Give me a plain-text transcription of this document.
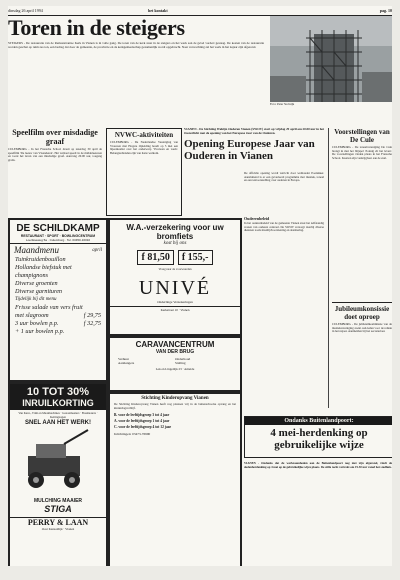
dinsdag 26 april 1994	het kontakt	pag. 10
Toren in de steigers
STEIGERS - De restauratie van de Remonstrantse Kerk in Vianen is in volle gang. De toren van de kerk staat in de steigers en het werk aan de gevel vordert gestaag. De kosten van de restauratie worden geschat op ruim zes ton, een bedrag dat door de gemeente, de provincie en de kerkgemeenschap gezamenlijk wordt opgebracht. Naar verwachting zal het werk in het najaar zijn afgerond.
Foto: Peter Stolwijk
Speelfilm over misdadige graaf
CULEMBORG - In het Fransche School draait op zaterdag 30 april de speelfilm 'De leeuw van Vlaanderen'. Het verhaal speelt in de middeleeuwen en toont het leven van een misdadige graaf. Aanvang 20.00 uur, toegang gratis.
NVWC-aktiviteiten
CULEMBORG - De Nederlandse Vereniging van Vrouwen met Hogere Opleiding houdt op 5 mei een bijeenkomst over het onderwerp 'Vrouwen en werk'. Belangstellenden zijn van harte welkom.
DE SCHILDKAMP
RESTAURANT · SPORT · BOWLINGCENTRUM
Loerikseweg 5a · Culemborg · Tel. 03450-16010
Maandmenu	april
Tuinkruidenbouillon
Hollandse biefstuk met champignons
Diverse groenten
Diverse garnituren
Tijdelijk bij dit menu
Frisse salade van vers fruit
met slagroom	f 29,75
3 uur bowlen p.p.	f 32,75
+ 1 uur bowlen p.p.
10 TOT 30%
INRUILKORTING
Van Kant-, Trim en Maaimachines · Gazonmaaiers · Bosmaaiers · Kettingzagen
SNEL AAN HET WERK!
MULCHING MAAIER
STIGA
PERRY & LAAN
Oost Kanaaldijk · Vianen
W.A.-verzekering voor uw bromfiets
kost bij ons
f 81,50	f 155,-
Vraag naar de voorwaarden
UNIVÉ
Onderlinge Verzekeringen
Kerkstraat 10 · Vianen
CARAVANCENTRUM
VAN DER BRUG
Verhuur	Onderhoud
Aanhangers	Stalling
Lek en Lingedijk 23 · Ameide
Stichting Kinderopvang Vianen
De Stichting Kinderopvang Vianen heeft nog plaatsen vrij in de buitenschoolse opvang en het kinderdagverblijf.
B. voor de leeftijdsgroep 3 tot 4 jaar
A. voor de leeftijdsgroep 1 tot 4 jaar
C. voor de leeftijdsgroep 4 tot 12 jaar
Inlichtingen: 03473-76990
VIANEN - De Stichting Welzijn Ouderen Vianen (SWOV) start op vrijdag 29 april om 20.00 uur in het Oosterlicht met de opening van het Europese Jaar van de Ouderen.
Opening Europese Jaar van Ouderen in Vianen
De officiële opening wordt verricht door wethouder Poelakker. Aansluitend is er een gevarieerd programma met muziek, toneel en een tentoonstelling over ouderen in Europa.
Ouderenbeleid
In het ouderenbeleid van de gemeente Vianen staat het zelfstandig wonen van ouderen centraal. De SWOV verzorgt daarbij diverse diensten zoals maaltijdvoorziening en alarmering.
Voorstellingen van De Cule
CULEMBORG - De toneelvereniging De Cule brengt in mei het blijspel 'Zonnig zit het leven'. De voorstellingen vinden plaats in het Fransche School. Kaarten zijn verkrijgbaar aan de zaal.
Jubileumkonsissie doet oproep
CULEMBORG - De jubileumkommissie van de muziekvereniging zoekt oud-leden voor de reünie in het najaar. Aanmelden bij het secretariaat.
Ondanks Buitenlandpoort:
4 mei-herdenking op gebruikelijke wijze
VIANEN - Ondanks dat de werkzaamheden aan de Buitenlandpoort nog niet zijn afgerond, vindt de dodenherdenking op 4 mei op de gebruikelijke wijze plaats. De stille tocht vertrekt om 19.30 uur vanaf het stadhuis.
